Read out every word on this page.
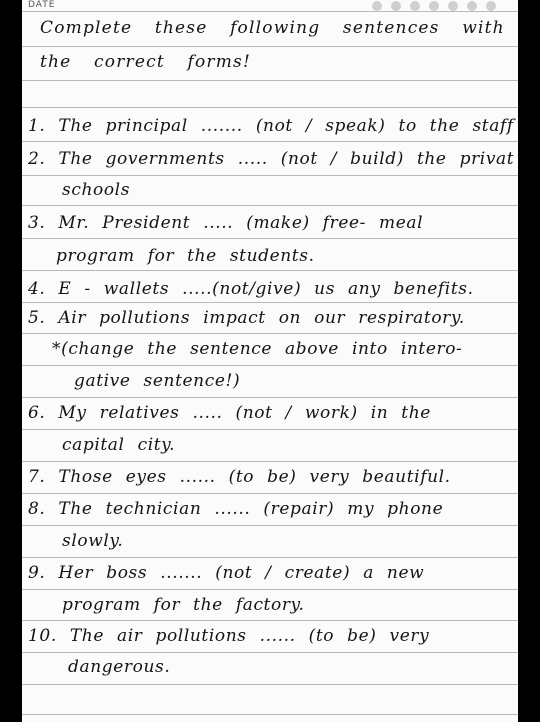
DATE
Complete these following sentences with
the correct forms!
1. The principal ....... (not / speak) to the staff
2. The governments ..... (not / build) the privat
schools
3. Mr. President ..... (make) free- meal
program for the students.
4. E - wallets .....(not/give) us any benefits.
5. Air pollutions impact on our respiratory.
*(change the sentence above into intero-
gative sentence!)
6. My relatives ..... (not / work) in the
capital city.
7. Those eyes ...... (to be) very beautiful.
8. The technician ...... (repair) my phone
slowly.
9. Her boss ....... (not / create) a new
program for the factory.
10. The air pollutions ...... (to be) very
dangerous.
